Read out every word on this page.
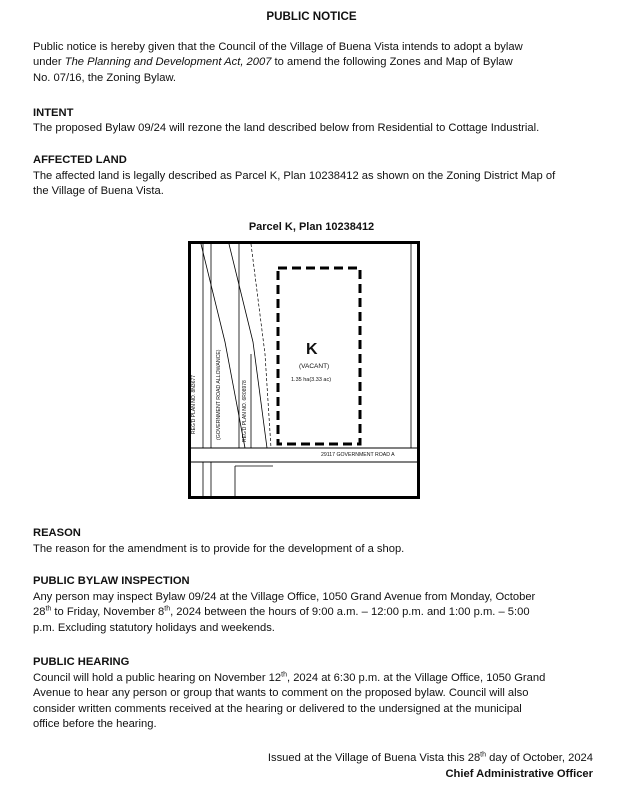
PUBLIC NOTICE
Public notice is hereby given that the Council of the Village of Buena Vista intends to adopt a bylaw
under The Planning and Development Act, 2007 to amend the following Zones and Map of Bylaw
No. 07/16, the Zoning Bylaw.
INTENT
The proposed Bylaw 09/24 will rezone the land described below from Residential to Cottage Industrial.
AFFECTED LAND
The affected land is legally described as Parcel K, Plan 10238412 as shown on the Zoning District Map of
the Village of Buena Vista.
Parcel K, Plan 10238412
K
(VACANT)
1.35 ha(3.33 ac)
29117 GOVERNMENT ROAD A
(GOVERNMENT ROAD ALLOWANCE)
REG'D PLAN NO. 8N3677	REG'D PLAN NO. 6R08978
REASON
The reason for the amendment is to provide for the development of a shop.
PUBLIC BYLAW INSPECTION
Any person may inspect Bylaw 09/24 at the Village Office, 1050 Grand Avenue from Monday, October
28th to Friday, November 8th, 2024 between the hours of 9:00 a.m. – 12:00 p.m. and 1:00 p.m. – 5:00
p.m. Excluding statutory holidays and weekends.
PUBLIC HEARING
Council will hold a public hearing on November 12th, 2024 at 6:30 p.m. at the Village Office, 1050 Grand
Avenue to hear any person or group that wants to comment on the proposed bylaw. Council will also
consider written comments received at the hearing or delivered to the undersigned at the municipal
office before the hearing.
Issued at the Village of Buena Vista this 28th day of October, 2024
Chief Administrative Officer
